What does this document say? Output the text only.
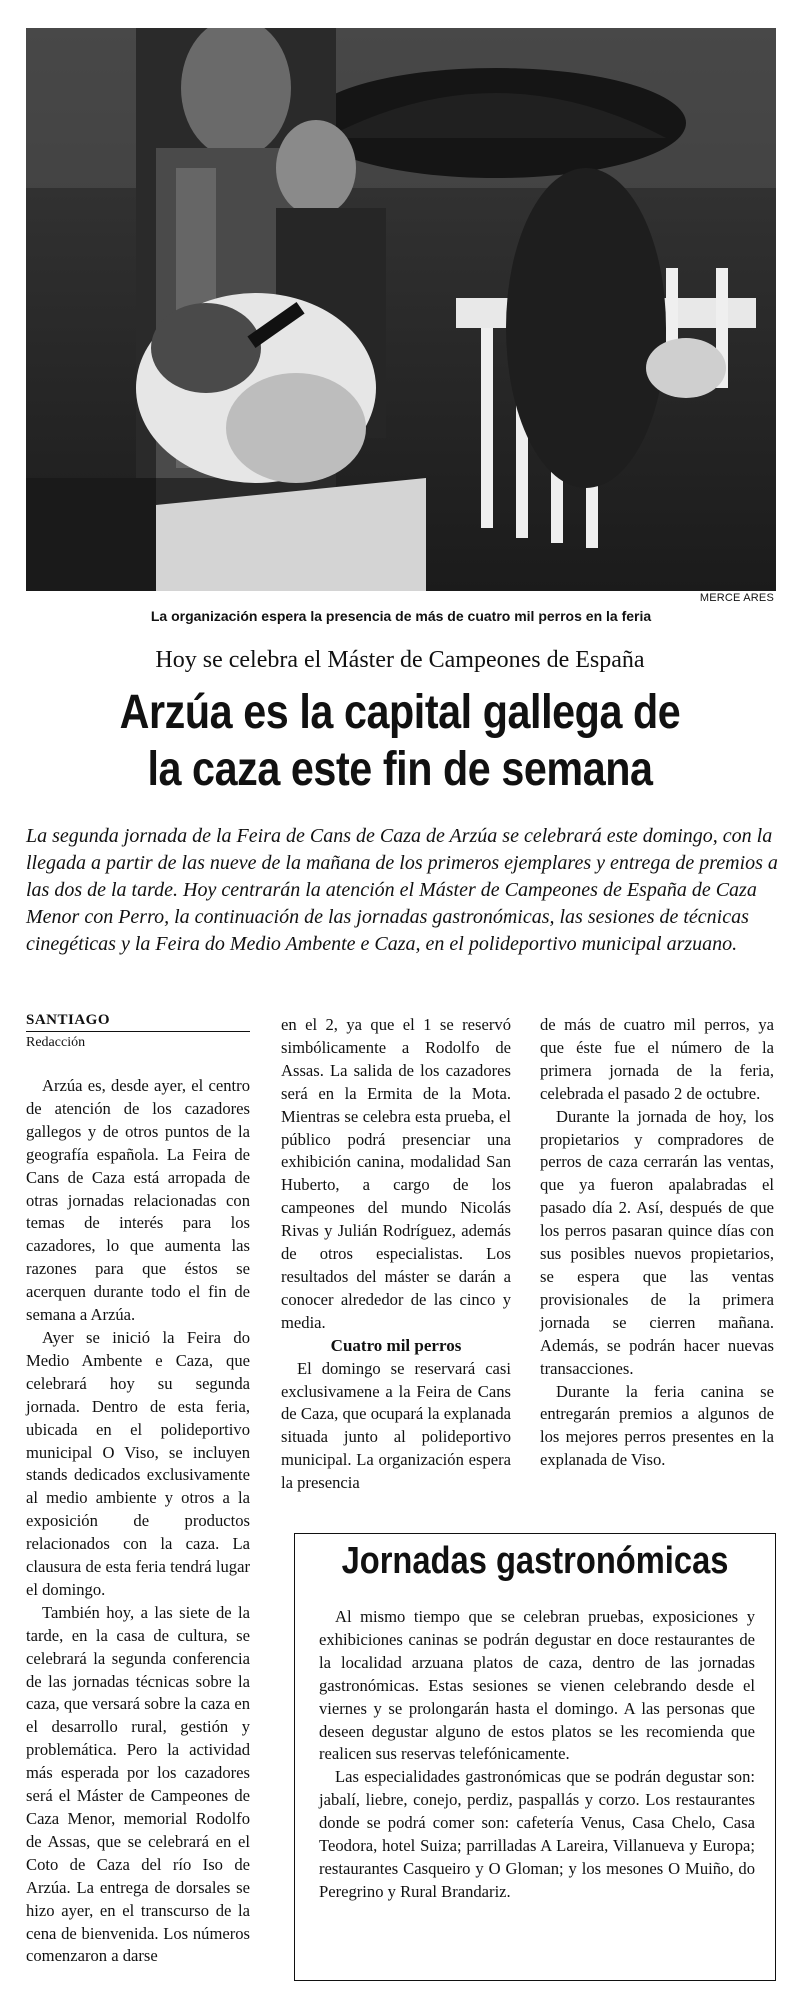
MERCE ARES
La organización espera la presencia de más de cuatro mil perros en la feria
Hoy se celebra el Máster de Campeones de España
Arzúa es la capital gallega de
la caza este fin de semana
La segunda jornada de la Feira de Cans de Caza de Arzúa se celebrará este domingo, con la llegada a partir de las nueve de la mañana de los primeros ejemplares y entrega de premios a las dos de la tarde. Hoy centrarán la atención el Máster de Campeones de España de Caza Menor con Perro, la continuación de las jornadas gastronómicas, las sesiones de técnicas cinegéticas y la Feira do Medio Ambente e Caza, en el polideportivo municipal arzuano.
SANTIAGO
Redacción

Arzúa es, desde ayer, el centro de atención de los cazadores gallegos y de otros puntos de la geografía española. La Feira de Cans de Caza está arropada de otras jornadas relacionadas con temas de interés para los cazadores, lo que aumenta las razones para que éstos se acerquen durante todo el fin de semana a Arzúa.

Ayer se inició la Feira do Medio Ambente e Caza, que celebrará hoy su segunda jornada. Dentro de esta feria, ubicada en el polideportivo municipal O Viso, se incluyen stands dedicados exclusivamente al medio ambiente y otros a la exposición de productos relacionados con la caza. La clausura de esta feria tendrá lugar el domingo.

También hoy, a las siete de la tarde, en la casa de cultura, se celebrará la segunda conferencia de las jornadas técnicas sobre la caza, que versará sobre la caza en el desarrollo rural, gestión y problemática. Pero la actividad más esperada por los cazadores será el Máster de Campeones de Caza Menor, memorial Rodolfo de Assas, que se celebrará en el Coto de Caza del río Iso de Arzúa. La entrega de dorsales se hizo ayer, en el transcurso de la cena de bienvenida. Los números comenzaron a darse

en el 2, ya que el 1 se reservó simbólicamente a Rodolfo de Assas. La salida de los cazadores será en la Ermita de la Mota. Mientras se celebra esta prueba, el público podrá presenciar una exhibición canina, modalidad San Huberto, a cargo de los campeones del mundo Nicolás Rivas y Julián Rodríguez, además de otros especialistas. Los resultados del máster se darán a conocer alrededor de las cinco y media.

Cuatro mil perros

El domingo se reservará casi exclusivamene a la Feira de Cans de Caza, que ocupará la explanada situada junto al polideportivo municipal. La organización espera la presencia

de más de cuatro mil perros, ya que éste fue el número de la primera jornada de la feria, celebrada el pasado 2 de octubre.

Durante la jornada de hoy, los propietarios y compradores de perros de caza cerrarán las ventas, que ya fueron apalabradas el pasado día 2. Así, después de que los perros pasaran quince días con sus posibles nuevos propietarios, se espera que las ventas provisionales de la primera jornada se cierren mañana. Además, se podrán hacer nuevas transacciones.

Durante la feria canina se entregarán premios a algunos de los mejores perros presentes en la explanada de Viso.

Jornadas gastronómicas

Al mismo tiempo que se celebran pruebas, exposiciones y exhibiciones caninas se podrán degustar en doce restaurantes de la localidad arzuana platos de caza, dentro de las jornadas gastronómicas. Estas sesiones se vienen celebrando desde el viernes y se prolongarán hasta el domingo. A las personas que deseen degustar alguno de estos platos se les recomienda que realicen sus reservas telefónicamente.

Las especialidades gastronómicas que se podrán degustar son: jabalí, liebre, conejo, perdiz, paspallás y corzo. Los restaurantes donde se podrá comer son: cafetería Venus, Casa Chelo, Casa Teodora, hotel Suiza; parrilladas A Lareira, Villanueva y Europa; restaurantes Casqueiro y O Gloman; y los mesones O Muiño, do Peregrino y Rural Brandariz.
